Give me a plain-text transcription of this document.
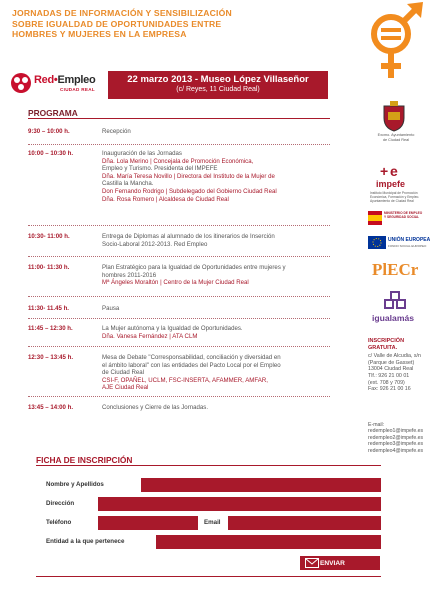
JORNADAS DE INFORMACIÓN Y SENSIBILIZACIÓN
SOBRE IGUALDAD DE OPORTUNIDADES ENTRE
HOMBRES Y MUJERES EN LA EMPRESA
Red•Empleo
CIUDAD REAL
22 marzo 2013 - Museo López Villaseñor
(c/ Reyes, 11 Ciudad Real)
PROGRAMA
9:30 – 10:00 h.	Recepción
10:00 – 10:30 h.	Inauguración de las Jornadas
Dña. Lola Merino | Concejala de Promoción Económica,
Empleo y Turismo. Presidenta del IMPEFE
Dña. María Teresa Novillo | Directora del Instituto de la Mujer de
Castilla la Mancha.
Don Fernando Rodrigo | Subdelegado del Gobierno Ciudad Real
Dña. Rosa Romero | Alcaldesa de Ciudad Real
10:30- 11:00 h.	Entrega de Diplomas al alumnado de los itinerarios de Inserción
Socio-Laboral 2012-2013. Red Empleo
11:00- 11:30 h.	Plan Estratégico para la Igualdad de Oportunidades entre mujeres y
hombres 2011-2016
Mª Ángeles Moraltón | Centro de la Mujer Ciudad Real
11:30- 11.45 h.	Pausa
11:45 – 12:30 h.	La Mujer autónoma y la Igualdad de Oportunidades.
Dña. Vanesa Fernández | ATA CLM
12:30 – 13:45 h.	Mesa de Debate "Corresponsabilidad, conciliación y diversidad en
el ámbito laboral" con las entidades del Pacto Local por el Empleo
de Ciudad Real
CSI-F, OPAÑEL, UCLM, FSC-INSERTA, AFAMMER, AMFAR,
AJE Ciudad Real
13:45 – 14:00 h.	Conclusiones y Cierre de las Jornadas.
Excmo. Ayuntamiento
de Ciudad Real
+ e
impefe
Instituto Municipal de Promoción Económica, Formación y Empleo. Ayuntamiento de Ciudad Real
MINISTERIO DE EMPLEO Y SEGURIDAD SOCIAL
UNIÓN EUROPEA
FONDO SOCIAL EUROPEO
PlECr
igualamás
INSCRIPCIÓN GRATUITA.
c/ Valle de Alcudia, s/n
(Parque de Gasset)
13004 Ciudad Real
Tlf.: 926 21 00 01
(ext. 708 y 709)
Fax: 926 21 00 16
E-mail:
redempleo1@impefe.es
redempleo2@impefe.es
redempleo3@impefe.es
redempleo4@impefe.es
FICHA DE INSCRIPCIÓN
Nombre y Apellidos
Dirección
Teléfono	Email
Entidad a la que pertenece
ENVIAR
